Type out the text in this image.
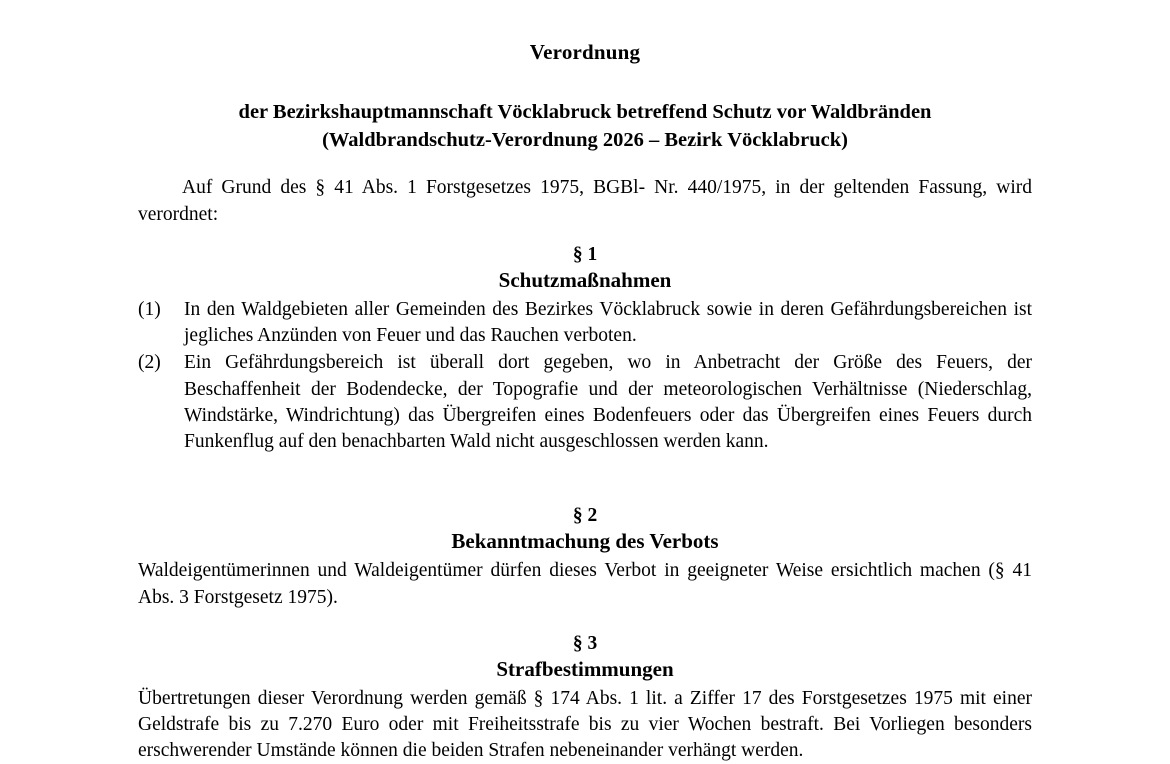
Verordnung
der Bezirkshauptmannschaft Vöcklabruck betreffend Schutz vor Waldbränden
(Waldbrandschutz-Verordnung 2026 – Bezirk Vöcklabruck)

Auf Grund des § 41 Abs. 1 Forstgesetzes 1975, BGBl- Nr. 440/1975, in der geltenden Fassung, wird verordnet:

§ 1
Schutzmaßnahmen
(1)	In den Waldgebieten aller Gemeinden des Bezirkes Vöcklabruck sowie in deren Gefährdungsbereichen ist jegliches Anzünden von Feuer und das Rauchen verboten.
(2)	Ein Gefährdungsbereich ist überall dort gegeben, wo in Anbetracht der Größe des Feuers, der Beschaffenheit der Bodendecke, der Topografie und der meteorologischen Verhältnisse (Niederschlag, Windstärke, Windrichtung) das Übergreifen eines Bodenfeuers oder das Übergreifen eines Feuers durch Funkenflug auf den benachbarten Wald nicht ausgeschlossen werden kann.
§ 2
Bekanntmachung des Verbots

Waldeigentümerinnen und Waldeigentümer dürfen dieses Verbot in geeigneter Weise ersichtlich machen (§ 41 Abs. 3 Forstgesetz 1975).

§ 3
Strafbestimmungen

Übertretungen dieser Verordnung werden gemäß § 174 Abs. 1 lit. a Ziffer 17 des Forstgesetzes 1975 mit einer Geldstrafe bis zu 7.270 Euro oder mit Freiheitsstrafe bis zu vier Wochen bestraft. Bei Vorliegen besonders erschwerender Umstände können die beiden Strafen nebeneinander verhängt werden.
